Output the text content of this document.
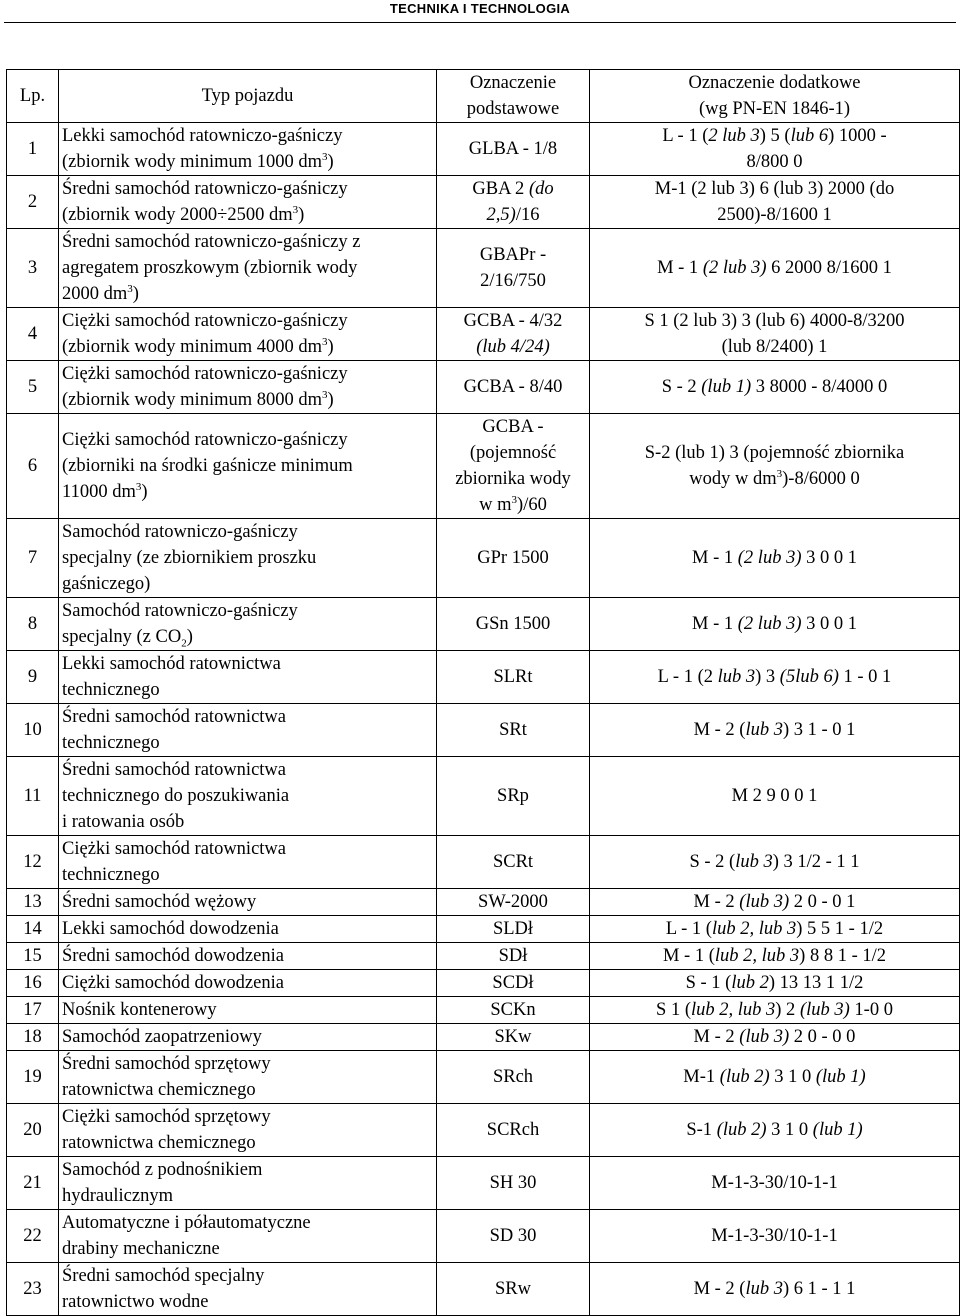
TECHNIKA I TECHNOLOGIA
Lp.	Typ pojazdu	Oznaczenie
podstawowe	Oznaczenie dodatkowe
(wg PN-EN 1846-1)
1	Lekki samochód ratowniczo-gaśniczy
(zbiornik wody minimum 1000 $dm^3$)	GLBA - 1/8	L - 1 (2 lub 3) 5 (lub 6) 1000 -
8/800 0
2	Średni samochód ratowniczo-gaśniczy
(zbiornik wody 2000÷2500 $dm^3$)	GBA 2 (do
2,5)/16	M-1 (2 lub 3) 6 (lub 3) 2000 (do
2500)-8/1600 1
3	Średni samochód ratowniczo-gaśniczy z
agregatem proszkowym (zbiornik wody
2000 $dm^3$)	GBAPr -
2/16/750	M - 1 (2 lub 3) 6 2000 8/1600 1
4	Ciężki samochód ratowniczo-gaśniczy
(zbiornik wody minimum 4000 $dm^3$)	GCBA - 4/32
(lub 4/24)	S 1 (2 lub 3) 3 (lub 6) 4000-8/3200
(lub 8/2400) 1
5	Ciężki samochód ratowniczo-gaśniczy
(zbiornik wody minimum 8000 $dm^3$)	GCBA - 8/40	S - 2 (lub 1) 3 8000 - 8/4000 0
6	Ciężki samochód ratowniczo-gaśniczy
(zbiorniki na środki gaśnicze minimum
11000 $dm^3$)	GCBA -
(pojemność
zbiornika wody
w $m^3)/60$	S-2 (lub 1) 3 (pojemność zbiornika
wody w $dm^3)-8/6000$ 0
7	Samochód ratowniczo-gaśniczy
specjalny (ze zbiornikiem proszku
gaśniczego)	GPr 1500	M - 1 (2 lub 3) 3 0 0 1
8	Samochód ratowniczo-gaśniczy
specjalny (z $CO_2$)	GSn 1500	M - 1 (2 lub 3) 3 0 0 1
9	Lekki samochód ratownictwa
technicznego	SLRt	L - 1 (2 lub 3) 3 (5lub 6) 1 - 0 1
10	Średni samochód ratownictwa
technicznego	SRt	M - 2 (lub 3) 3 1 - 0 1
11	Średni samochód ratownictwa
technicznego do poszukiwania
i ratowania osób	SRp	M 2 9 0 0 1
12	Ciężki samochód ratownictwa
technicznego	SCRt	S - 2 (lub 3) 3 1/2 - 1 1
13	Średni samochód wężowy	SW-2000	M - 2 (lub 3) 2 0 - 0 1
14	Lekki samochód dowodzenia	SLDł	L - 1 (lub 2, lub 3) 5 5 1 - 1/2
15	Średni samochód dowodzenia	SDł	M - 1 (lub 2, lub 3) 8 8 1 - 1/2
16	Ciężki samochód dowodzenia	SCDł	S - 1 (lub 2) 13 13 1 1/2
17	Nośnik kontenerowy	SCKn	S 1 (lub 2, lub 3) 2 (lub 3) 1-0 0
18	Samochód zaopatrzeniowy	SKw	M - 2 (lub 3) 2 0 - 0 0
19	Średni samochód sprzętowy
ratownictwa chemicznego	SRch	M-1 (lub 2) 3 1 0 (lub 1)
20	Ciężki samochód sprzętowy
ratownictwa chemicznego	SCRch	S-1 (lub 2) 3 1 0 (lub 1)
21	Samochód z podnośnikiem
hydraulicznym	SH 30	M-1-3-30/10-1-1
22	Automatyczne i półautomatyczne
drabiny mechaniczne	SD 30	M-1-3-30/10-1-1
23	Średni samochód specjalny
ratownictwo wodne	SRw	M - 2 (lub 3) 6 1 - 1 1
